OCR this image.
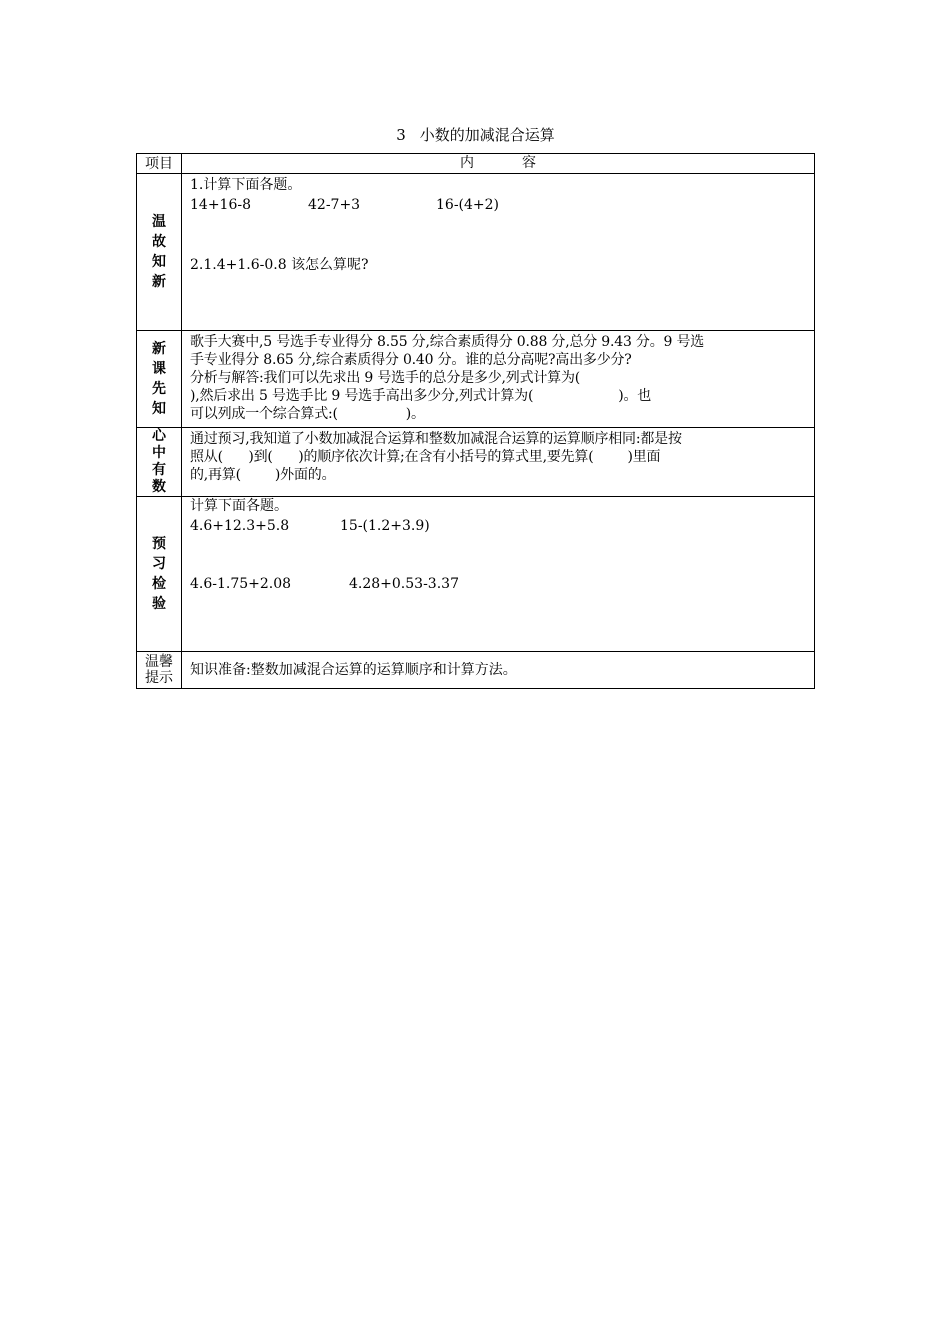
3 小数的加减混合运算
项目	内 容
温故知新	1.计算下面各题。
14+16-8 42-7+3 16-(4+2)
2.1.4+1.6-0.8 该怎么算呢?

新课先知	歌手大赛中,5 号选手专业得分 8.55 分,综合素质得分 0.88 分,总分 9.43 分。9 号选
手专业得分 8.65 分,综合素质得分 0.40 分。谁的总分高呢?高出多少分?
分析与解答:我们可以先求出 9 号选手的总分是多少,列式计算为(
),然后求出 5 号选手比 9 号选手高出多少分,列式计算为(                    )。也
可以列成一个综合算式:(                )。

心中有数	通过预习,我知道了小数加减混合运算和整数加减混合运算的运算顺序相同:都是按
照从(      )到(      )的顺序依次计算;在含有小括号的算式里,要先算(        )里面
的,再算(        )外面的。

预习检验	计算下面各题。
4.6+12.3+5.8 15-(1.2+3.9)
4.6-1.75+2.08 4.28+0.53-3.37

温馨
提示	知识准备:整数加减混合运算的运算顺序和计算方法。
